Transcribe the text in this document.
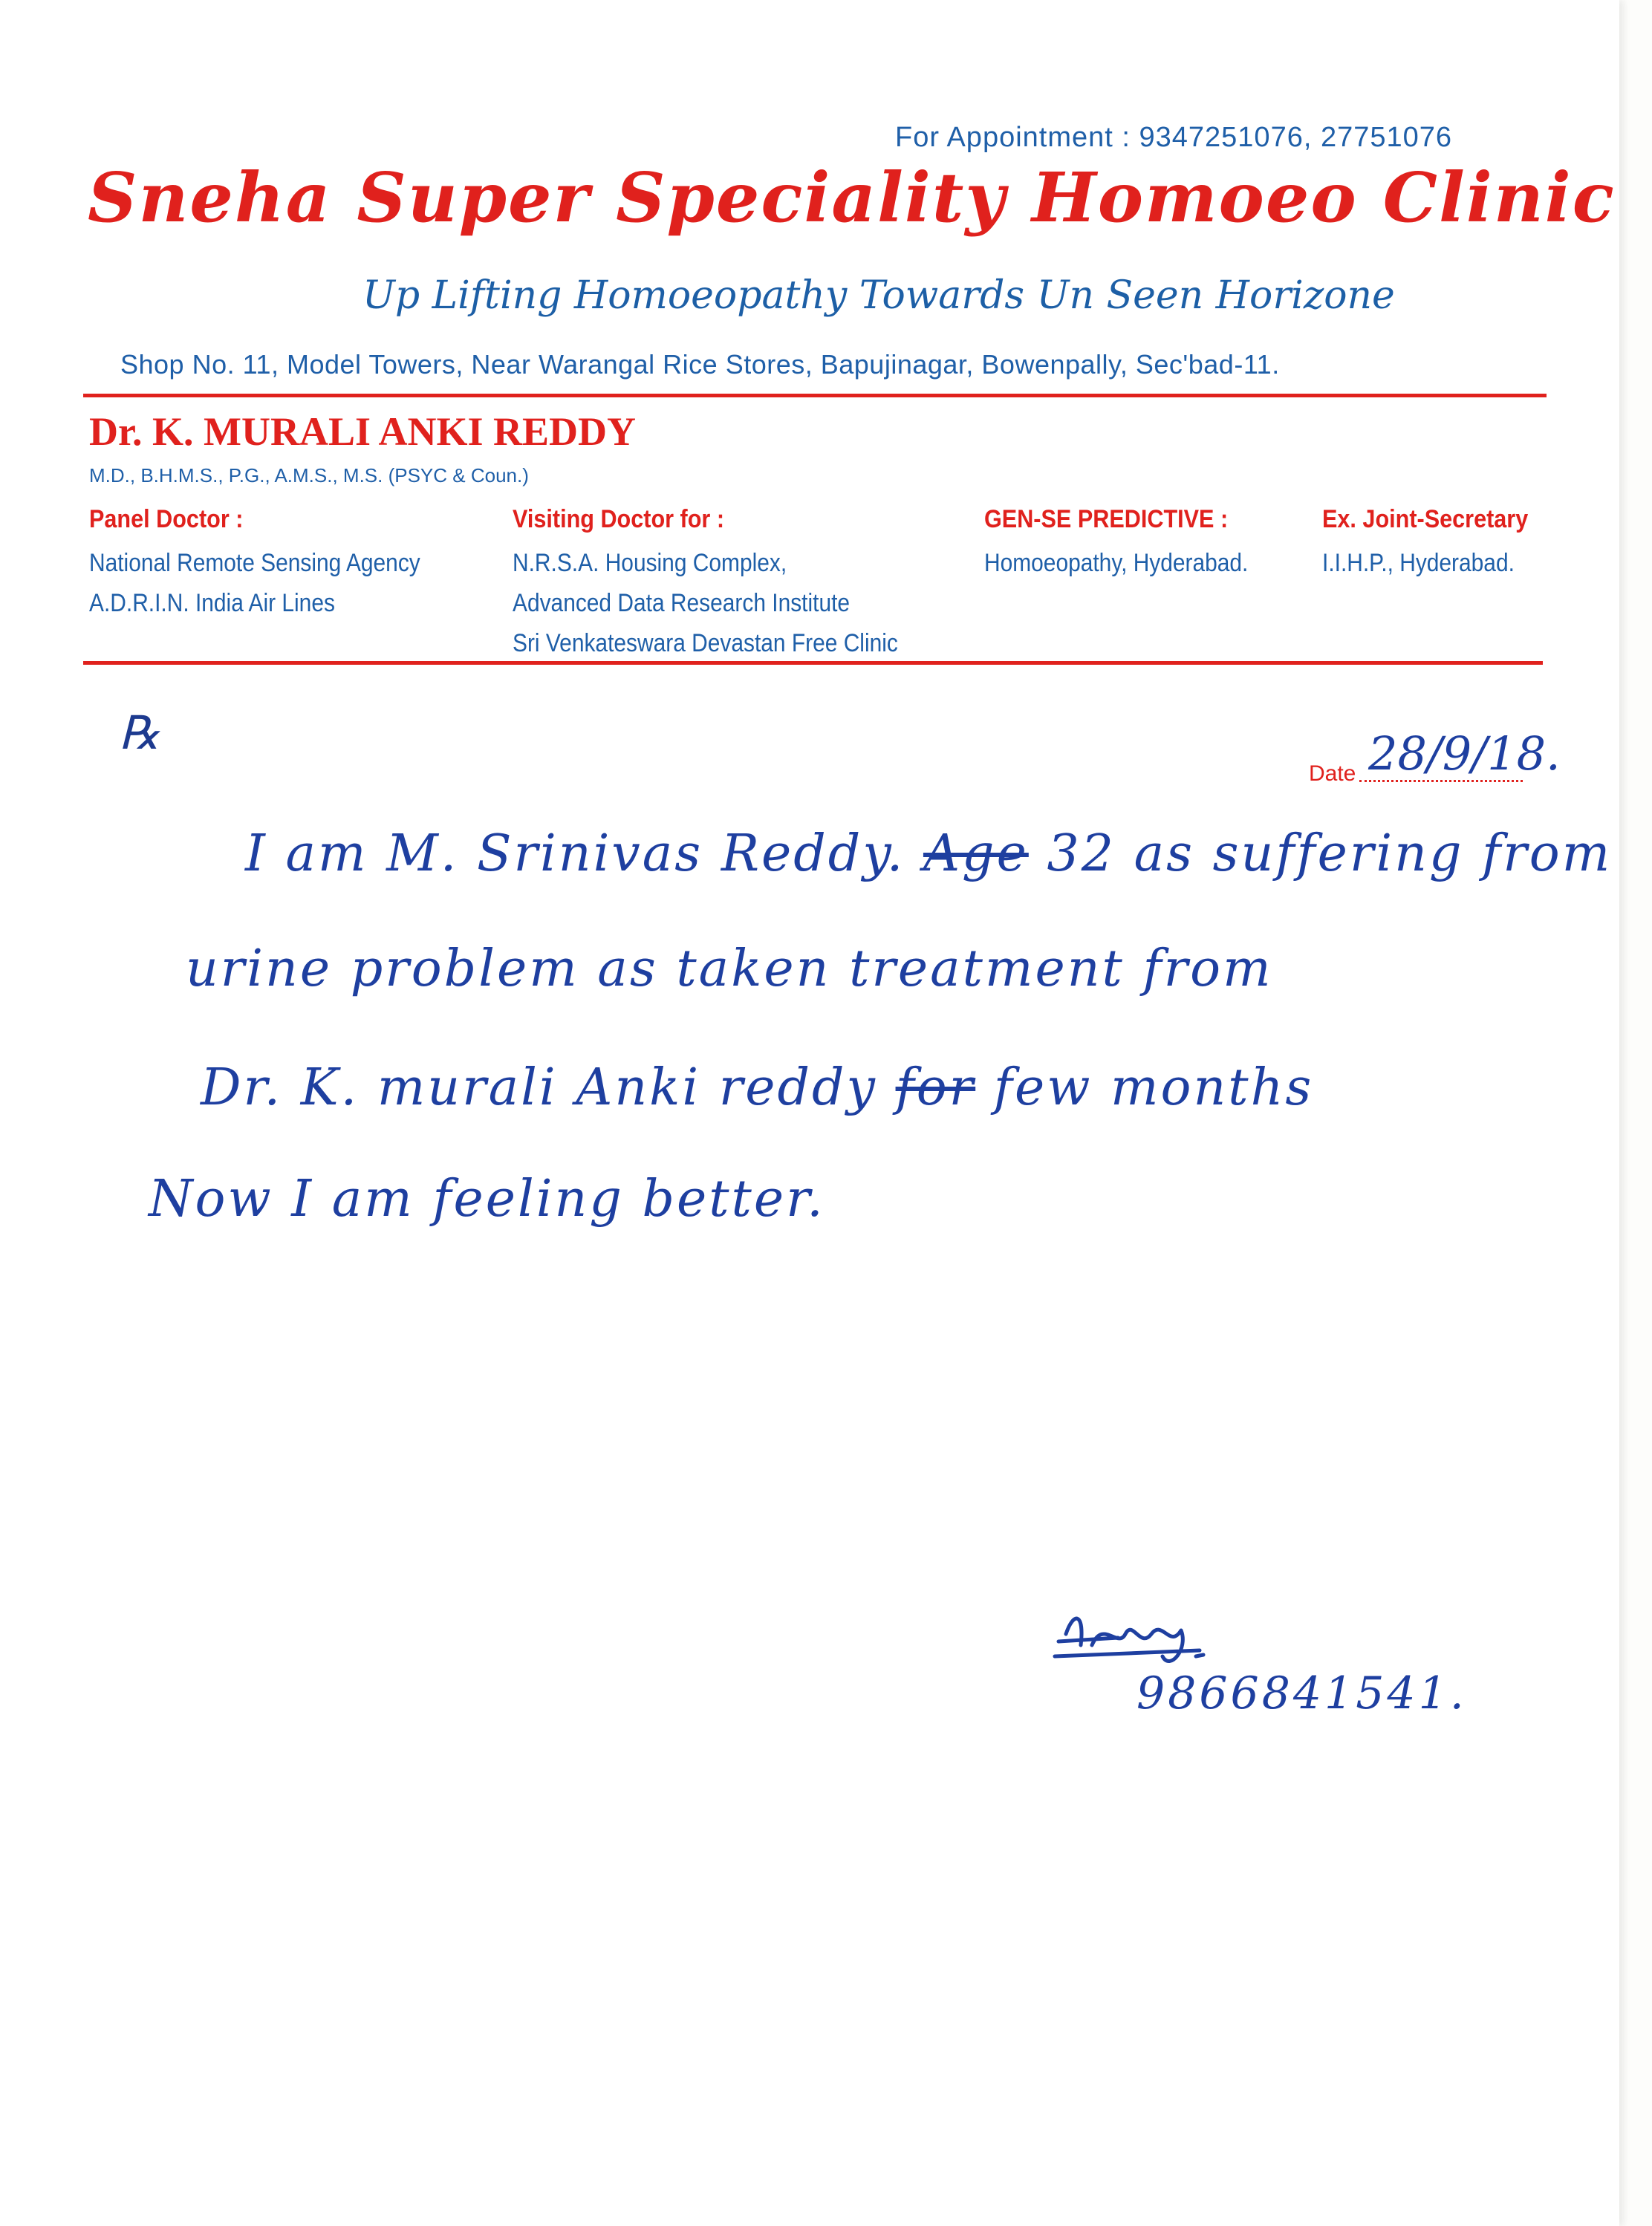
For Appointment : 9347251076, 27751076
Sneha Super Speciality Homoeo Clinic
Up Lifting Homoeopathy Towards Un Seen Horizone
Shop No. 11, Model Towers, Near Warangal Rice Stores, Bapujinagar, Bowenpally, Sec'bad-11.
Dr. K. MURALI ANKI REDDY
M.D., B.H.M.S., P.G., A.M.S., M.S. (PSYC & Coun.)
Panel Doctor :
National Remote Sensing Agency
A.D.R.I.N. India Air Lines
Visiting Doctor for :
N.R.S.A. Housing Complex,
Advanced Data Research Institute
Sri Venkateswara Devastan Free Clinic
GEN-SE PREDICTIVE :
Homoeopathy, Hyderabad.
Ex. Joint-Secretary
I.I.H.P., Hyderabad.
℞
Date 28/9/18.
I am M. Srinivas Reddy. Age 32 as suffering from
urine problem as taken treatment from
Dr. K. murali Anki reddy for few months
Now I am feeling better.
9866841541.
